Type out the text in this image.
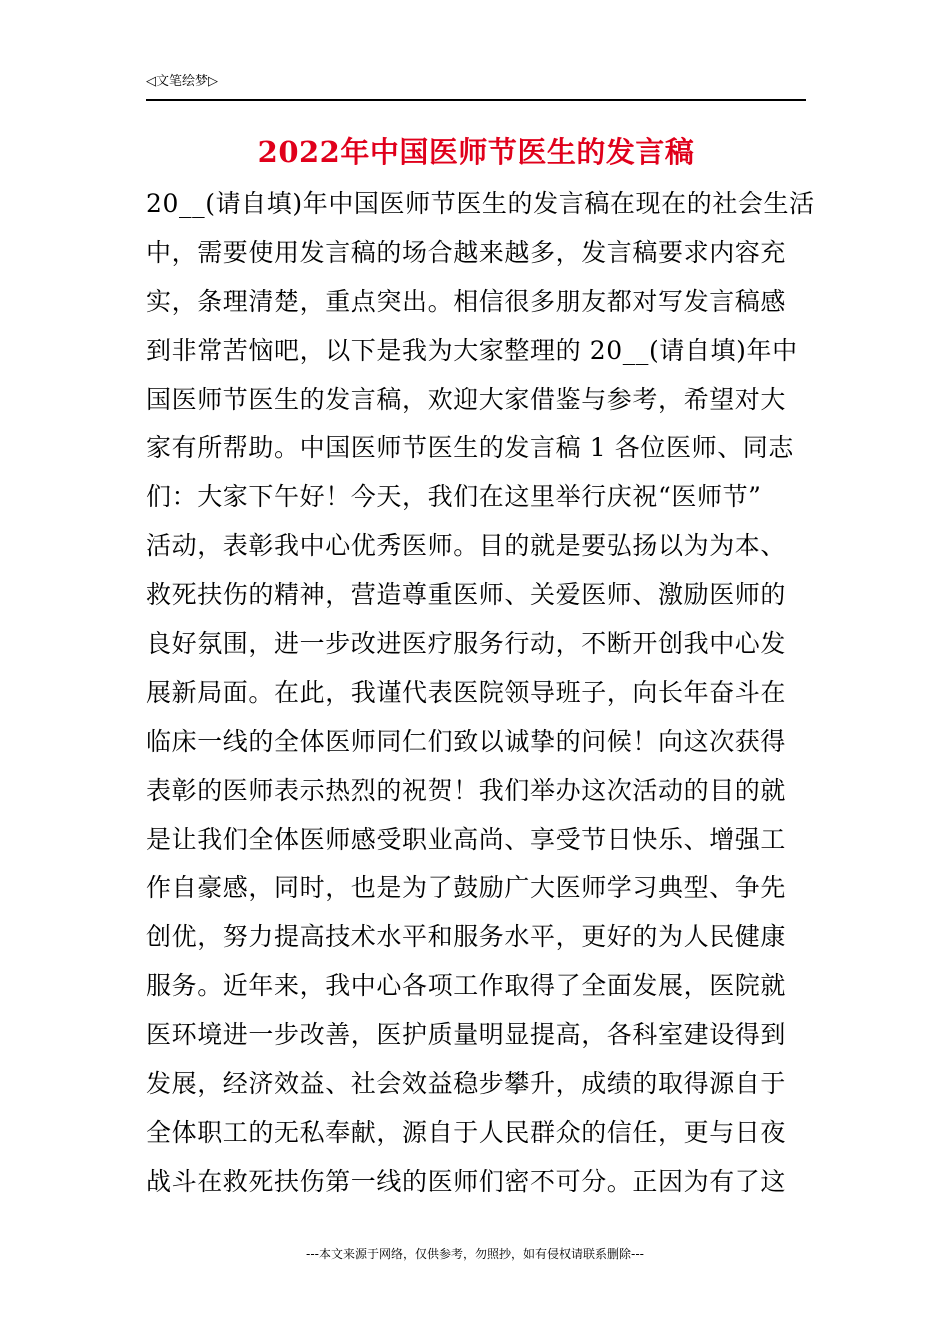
◁文笔绘梦▷
2022年中国医师节医生的发言稿
20__(请自填)年中国医师节医生的发言稿在现在的社会生活
中，需要使用发言稿的场合越来越多，发言稿要求内容充
实，条理清楚，重点突出。相信很多朋友都对写发言稿感
到非常苦恼吧，以下是我为大家整理的 20__(请自填)年中
国医师节医生的发言稿，欢迎大家借鉴与参考，希望对大
家有所帮助。中国医师节医生的发言稿 1 各位医师、同志
们：大家下午好！今天，我们在这里举行庆祝“医师节”
活动，表彰我中心优秀医师。目的就是要弘扬以为为本、
救死扶伤的精神，营造尊重医师、关爱医师、激励医师的
良好氛围，进一步改进医疗服务行动，不断开创我中心发
展新局面。在此，我谨代表医院领导班子，向长年奋斗在
临床一线的全体医师同仁们致以诚挚的问候！向这次获得
表彰的医师表示热烈的祝贺！我们举办这次活动的目的就
是让我们全体医师感受职业高尚、享受节日快乐、增强工
作自豪感，同时，也是为了鼓励广大医师学习典型、争先
创优，努力提高技术水平和服务水平，更好的为人民健康
服务。近年来，我中心各项工作取得了全面发展，医院就
医环境进一步改善，医护质量明显提高，各科室建设得到
发展，经济效益、社会效益稳步攀升，成绩的取得源自于
全体职工的无私奉献，源自于人民群众的信任，更与日夜
战斗在救死扶伤第一线的医师们密不可分。正因为有了这
---本文来源于网络，仅供参考，勿照抄，如有侵权请联系删除---
